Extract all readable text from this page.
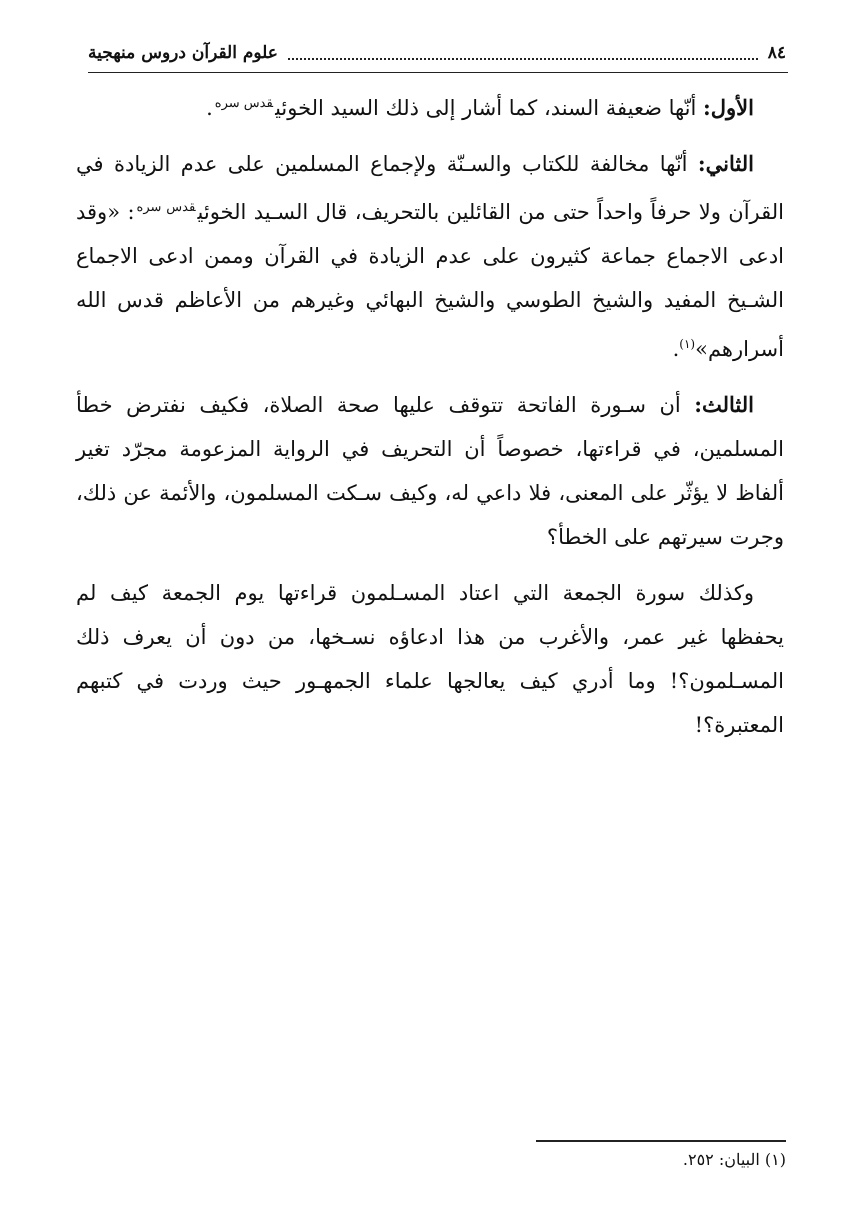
٨٤
علوم القرآن دروس منهجية

الأول: أنّها ضعيفة السند، كما أشار إلى ذلك السيد الخوئي$^{قدس سره}$.

الثاني: أنّها مخالفة للكتاب والسـنّة ولإجماع المسلمين على عدم الزيادة في القرآن ولا حرفاً واحداً حتى من القائلين بالتحريف، قال السـيد الخوئي$^{قدس سره}$: «وقد ادعى الاجماع جماعة كثيرون على عدم الزيادة في القرآن وممن ادعى الاجماع الشـيخ المفيد والشيخ الطوسي والشيخ البهائي وغيرهم من الأعاظم قدس الله أسرارهم»$^{(١)}$.

الثالث: أن سـورة الفاتحة تتوقف عليها صحة الصلاة، فكيف نفترض خطأ المسلمين، في قراءتها، خصوصاً أن التحريف في الرواية المزعومة مجرّد تغير ألفاظ لا يؤثّر على المعنى، فلا داعي له، وكيف سـكت المسلمون، والأئمة عن ذلك، وجرت سيرتهم على الخطأ؟

وكذلك سورة الجمعة التي اعتاد المسـلمون قراءتها يوم الجمعة كيف لم يحفظها غير عمر، والأغرب من هذا ادعاؤه نسـخها، من دون أن يعرف ذلك المسـلمون؟! وما أدري كيف يعالجها علماء الجمهـور حيث وردت في كتبهم المعتبرة؟!

(١) البيان: ٢٥٢.
